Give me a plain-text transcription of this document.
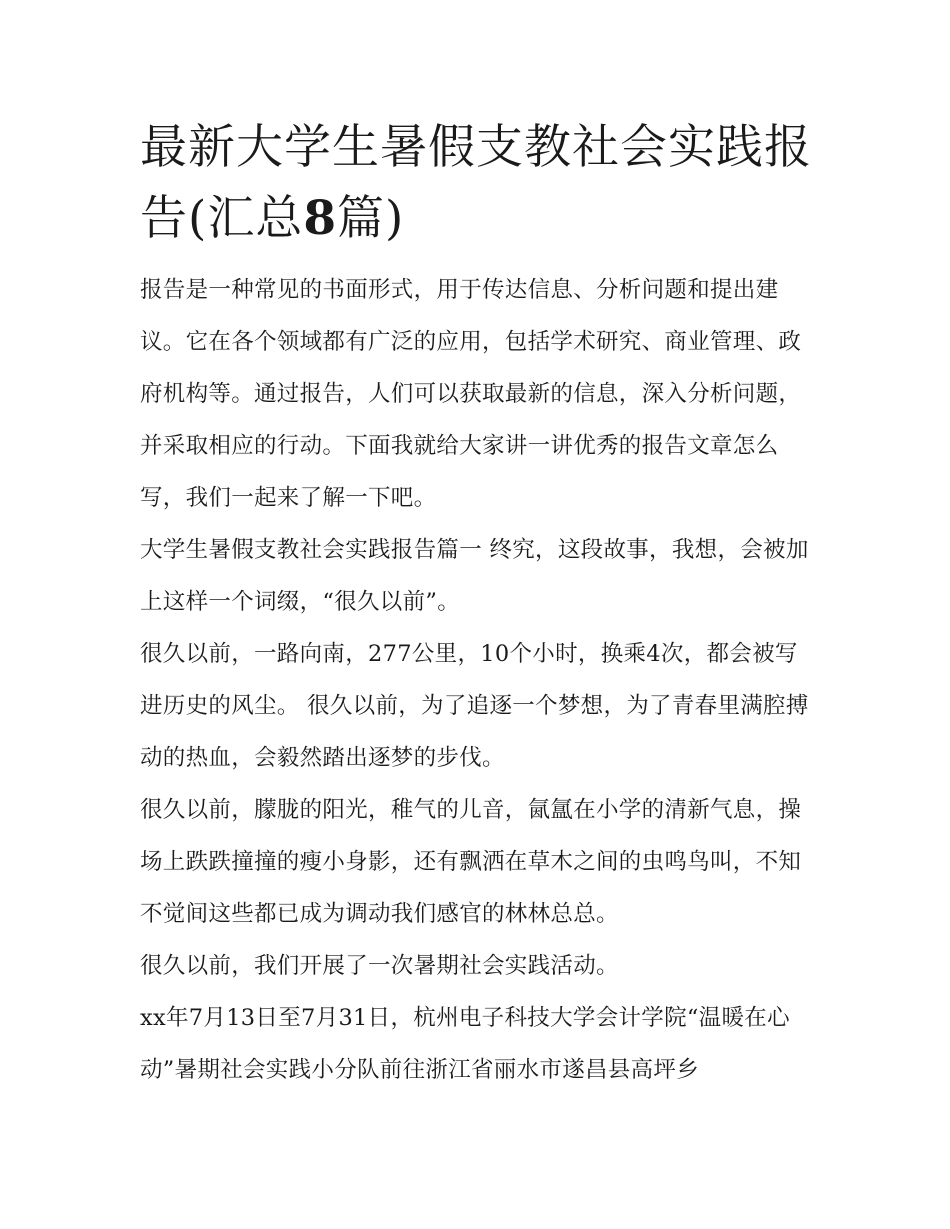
最新大学生暑假支教社会实践报告(汇总8篇)

报告是一种常见的书面形式，用于传达信息、分析问题和提出建议。它在各个领域都有广泛的应用，包括学术研究、商业管理、政府机构等。通过报告，人们可以获取最新的信息，深入分析问题，并采取相应的行动。下面我就给大家讲一讲优秀的报告文章怎么写，我们一起来了解一下吧。

大学生暑假支教社会实践报告篇一 终究，这段故事，我想，会被加上这样一个词缀，“很久以前”。

很久以前，一路向南，277公里，10个小时，换乘4次，都会被写进历史的风尘。 很久以前，为了追逐一个梦想，为了青春里满腔搏动的热血，会毅然踏出逐梦的步伐。

很久以前，朦胧的阳光，稚气的儿音，氤氲在小学的清新气息，操场上跌跌撞撞的瘦小身影，还有飘洒在草木之间的虫鸣鸟叫，不知不觉间这些都已成为调动我们感官的林林总总。

很久以前，我们开展了一次暑期社会实践活动。

xx年7月13日至7月31日，杭州电子科技大学会计学院“温暖在心动”暑期社会实践小分队前往浙江省丽水市遂昌县高坪乡
